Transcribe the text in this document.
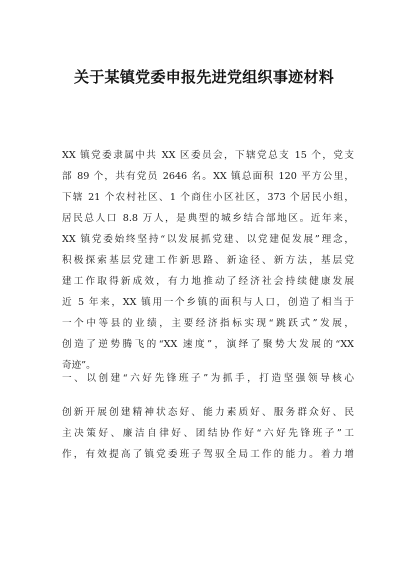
关于某镇党委申报先进党组织事迹材料
XX 镇党委隶属中共 XX 区委员会，下辖党总支 15 个，党支
部 89 个，共有党员 2646 名。XX 镇总面积 120 平方公里，
下辖 21 个农村社区、1 个商住小区社区，373 个居民小组，
居民总人口 8.8 万人，是典型的城乡结合部地区。近年来，
XX 镇党委始终坚持“以发展抓党建、以党建促发展”理念，
积极探索基层党建工作新思路、新途径、新方法，基层党
建工作取得新成效，有力地推动了经济社会持续健康发展
近 5 年来，XX 镇用一个乡镇的面积与人口，创造了相当于
一个中等县的业绩，主要经济指标实现“跳跃式”发展，
创造了逆势腾飞的“XX 速度”，演绎了聚势大发展的“XX
奇迹”。
一、以创建“六好先锋班子”为抓手，打造坚强领导核心
创新开展创建精神状态好、能力素质好、服务群众好、民
主决策好、廉洁自律好、团结协作好“六好先锋班子”工
作，有效提高了镇党委班子驾驭全局工作的能力。着力增
